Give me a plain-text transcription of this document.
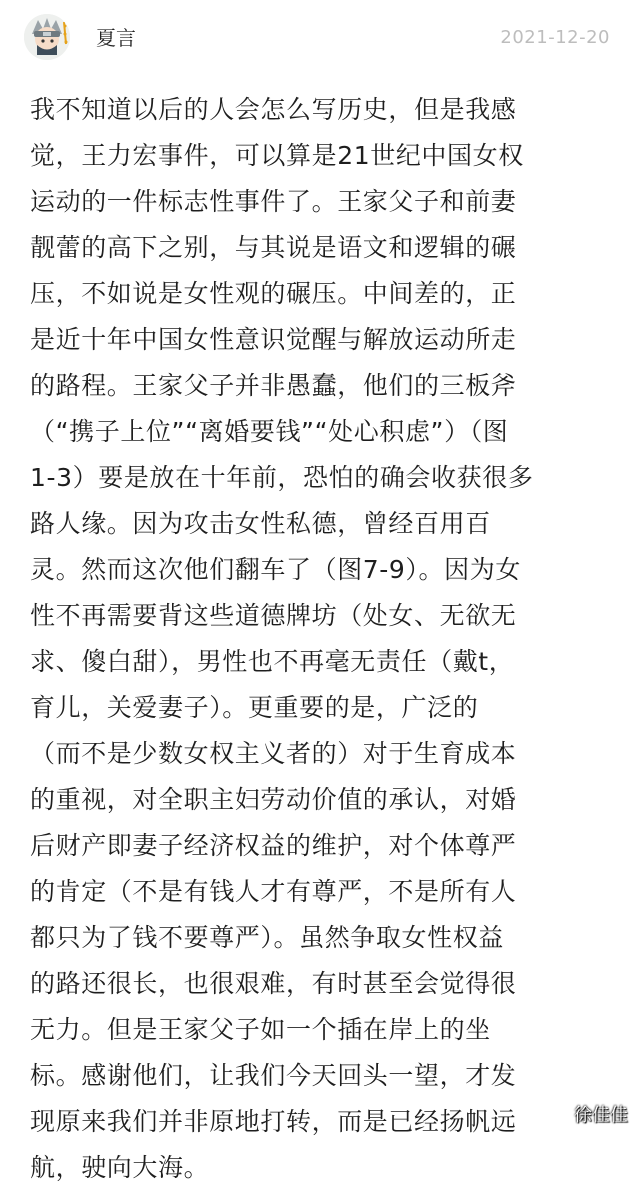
夏言	2021-12-20
我不知道以后的人会怎么写历史，但是我感
觉，王力宏事件，可以算是21世纪中国女权
运动的一件标志性事件了。王家父子和前妻
靓蕾的高下之别，与其说是语文和逻辑的碾
压，不如说是女性观的碾压。中间差的，正
是近十年中国女性意识觉醒与解放运动所走
的路程。王家父子并非愚蠢，他们的三板斧
（“携子上位”“离婚要钱”“处心积虑”）（图
1-3）要是放在十年前，恐怕的确会收获很多
路人缘。因为攻击女性私德，曾经百用百
灵。然而这次他们翻车了（图7-9）。因为女
性不再需要背这些道德牌坊（处女、无欲无
求、傻白甜），男性也不再毫无责任（戴t，
育儿，关爱妻子）。更重要的是，广泛的
（而不是少数女权主义者的）对于生育成本
的重视，对全职主妇劳动价值的承认，对婚
后财产即妻子经济权益的维护，对个体尊严
的肯定（不是有钱人才有尊严，不是所有人
都只为了钱不要尊严）。虽然争取女性权益
的路还很长，也很艰难，有时甚至会觉得很
无力。但是王家父子如一个插在岸上的坐
标。感谢他们，让我们今天回头一望，才发
现原来我们并非原地打转，而是已经扬帆远
航，驶向大海。
徐佳佳
